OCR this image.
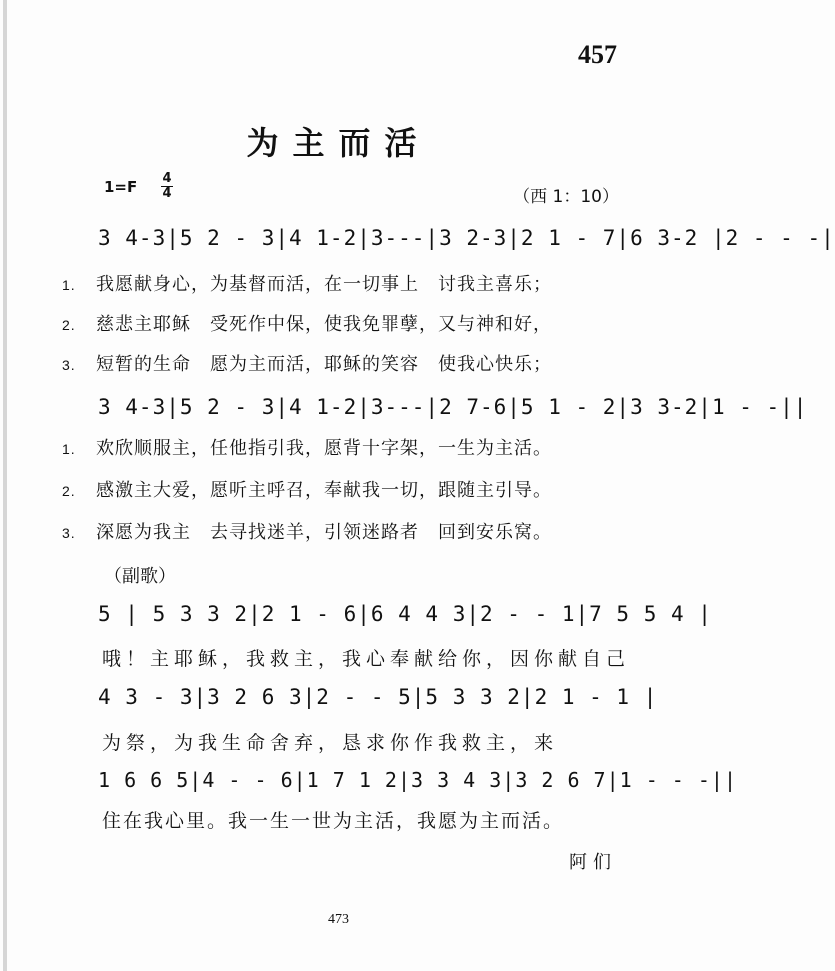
457
为主而活
1=F 4
4	（西 1：10）
3 4-3|5 2 - 3|4 1-2|3---|3 2-3|2 1 - 7|6 3-2 |2 - - -|
1. 我愿献身心，为基督而活，在一切事上　讨我主喜乐；
2. 慈悲主耶稣　受死作中保，使我免罪孽，又与神和好，
3. 短暂的生命　愿为主而活，耶稣的笑容　使我心快乐；
3 4-3|5 2 - 3|4 1-2|3---|2 7-6|5 1 - 2|3 3-2|1 - -||
1. 欢欣顺服主，任他指引我，愿背十字架，一生为主活。
2. 感激主大爱，愿听主呼召，奉献我一切，跟随主引导。
3. 深愿为我主　去寻找迷羊，引领迷路者　回到安乐窝。
（副歌）
5 | 5 3 3 2|2 1 - 6|6 4 4 3|2 - - 1|7 5 5 4 |
哦！主耶稣，我救主，我心奉献给你，因你献自己
4 3 - 3|3 2 6 3|2 - - 5|5 3 3 2|2 1 - 1 |
为祭，为我生命舍弃，恳求你作我救主，来
1 6 6 5|4 - - 6|1 7 1 2|3 3 4 3|3 2 6 7|1 - - -||
住在我心里。我一生一世为主活，我愿为主而活。
阿们
473
